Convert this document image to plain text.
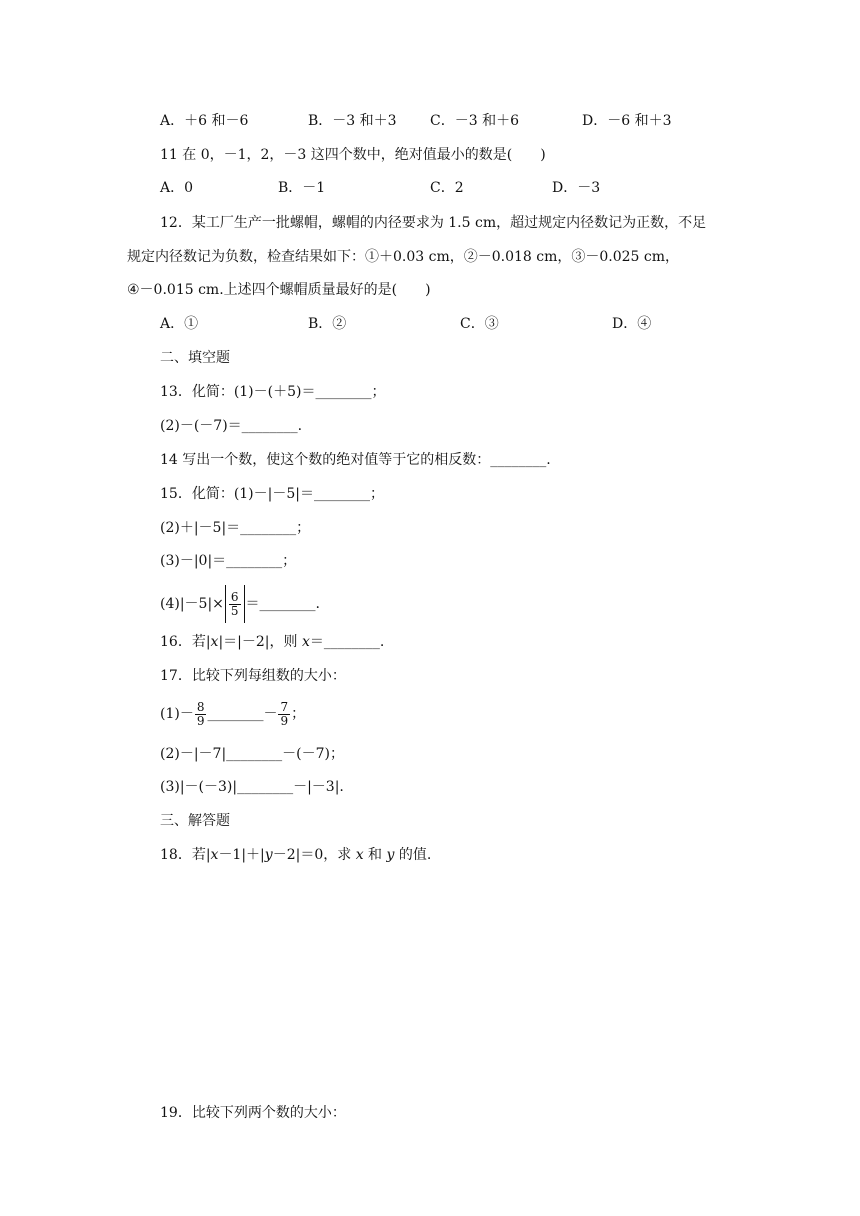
A．＋6 和－6	B．－3 和＋3 C．－3 和＋6	D．－6 和＋3
11 在 0，－1，2，－3 这四个数中，绝对值最小的数是(　　)
A．0	B．－1	C．2	D．－3
12．某工厂生产一批螺帽，螺帽的内径要求为 1.5 cm，超过规定内径数记为正数，不足
规定内径数记为负数，检查结果如下：①＋0.03 cm，②－0.018 cm，③－0.025 cm，
④－0.015 cm.上述四个螺帽质量最好的是(　　)
A．①	B．②	C．③	D．④
二、填空题
13．化简：(1)－(＋5)＝________；
(2)－(－7)＝________.
14 写出一个数，使这个数的绝对值等于它的相反数：________.
15．化简：(1)－|－5|＝________；
(2)＋|－5|＝________；
(3)－|0|＝________；
$(4)|-5|\times \frac{6}{5}$ ＝________.
16．若|x|＝|－2|，则 x＝________.
17．比较下列每组数的大小：
$(1)- \frac{8}{9}$ ________－ $\frac{7}{9}$ ；
(2)－|－7|________－(－7)；
(3)|－(－3)|________－|－3|.
三、解答题
18．若|x－1|＋|y－2|＝0，求 x 和 y 的值.
19．比较下列两个数的大小：
